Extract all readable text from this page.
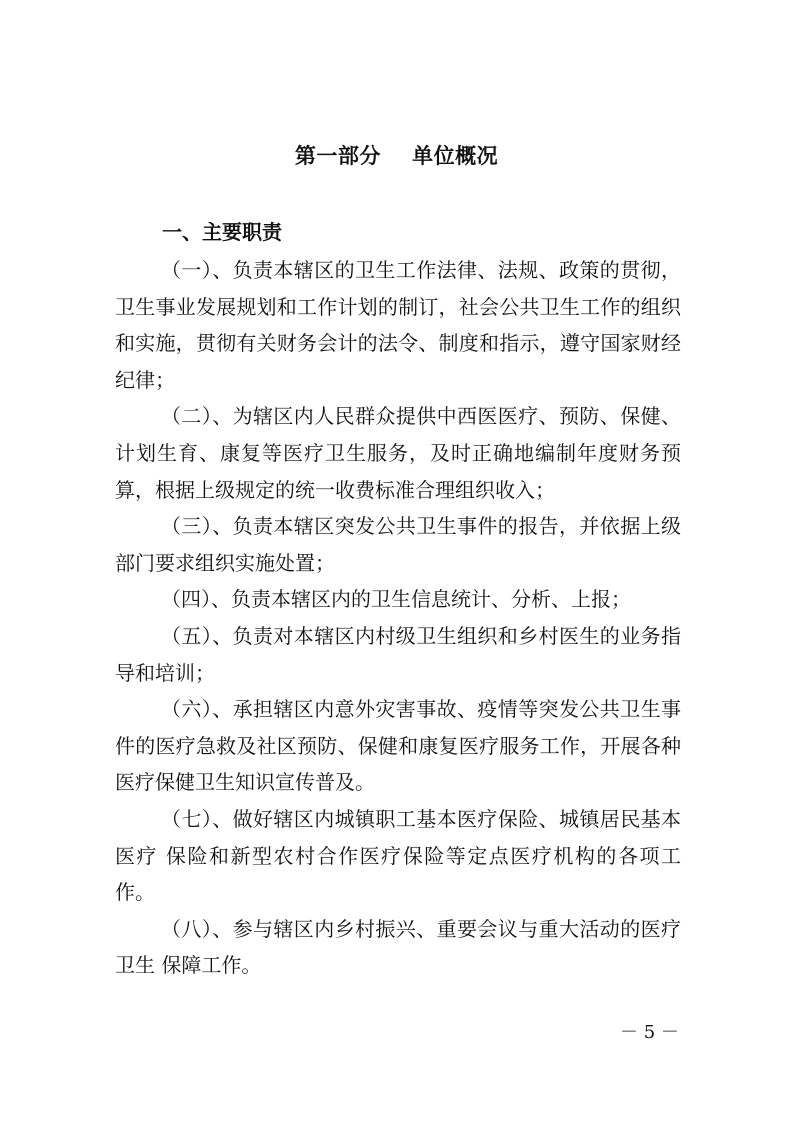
第一部分    单位概况
一、主要职责

（一）、负责本辖区的卫生工作法律、法规、政策的贯彻，卫生事业发展规划和工作计划的制订，社会公共卫生工作的组织和实施，贯彻有关财务会计的法令、制度和指示，遵守国家财经纪律；

（二）、为辖区内人民群众提供中西医医疗、预防、保健、计划生育、康复等医疗卫生服务，及时正确地编制年度财务预算，根据上级规定的统一收费标准合理组织收入；

（三）、负责本辖区突发公共卫生事件的报告，并依据上级部门要求组织实施处置；

（四）、负责本辖区内的卫生信息统计、分析、上报；

（五）、负责对本辖区内村级卫生组织和乡村医生的业务指导和培训；

（六）、承担辖区内意外灾害事故、疫情等突发公共卫生事件的医疗急救及社区预防、保健和康复医疗服务工作，开展各种医疗保健卫生知识宣传普及。

（七）、做好辖区内城镇职工基本医疗保险、城镇居民基本医疗 保险和新型农村合作医疗保险等定点医疗机构的各项工作。

（八）、参与辖区内乡村振兴、重要会议与重大活动的医疗卫生 保障工作。

－ 5 －
